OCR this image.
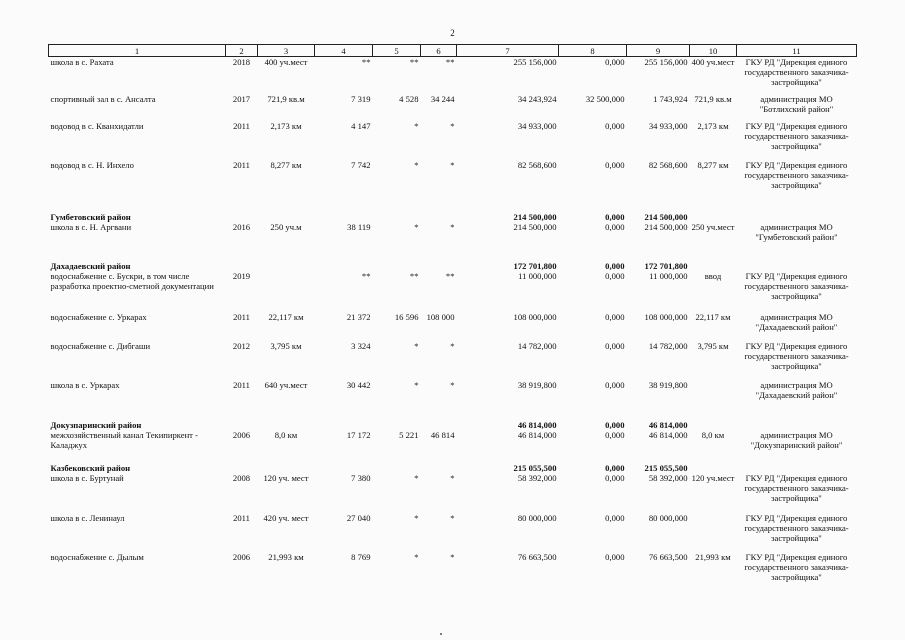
2
1	2	3	4	5	6	7	8	9	10	11
школа в с. Рахата	2018	400 уч.мест	**	**	**	255 156,000	0,000	255 156,000	400 уч.мест	ГКУ РД "Дирекция единого государственного заказчика-застройщика"
спортивный зал в с. Ансалта	2017	721,9 кв.м	7 319	4 528	34 244	34 243,924	32 500,000	1 743,924	721,9 кв.м	администрация МО "Ботлихский район"
водовод в с. Кванхидатли	2011	2,173 км	4 147	*	*	34 933,000	0,000	34 933,000	2,173 км	ГКУ РД "Дирекция единого государственного заказчика-застройщика"
водовод в с. Н. Инхело	2011	8,277 км	7 742	*	*	82 568,600	0,000	82 568,600	8,277 км	ГКУ РД "Дирекция единого государственного заказчика-застройщика"

Гумбетовский район						214 500,000	0,000	214 500,000		
школа в с. Н. Аргвани	2016	250 уч.м	38 119	*	*	214 500,000	0,000	214 500,000	250 уч.мест	администрация МО "Гумбетовский район"

Дахадаевский район						172 701,800	0,000	172 701,800		
водоснабжение с. Бускри, в том числе разработка проектно-сметной документации	2019		**	**	**	11 000,000	0,000	11 000,000	ввод	ГКУ РД "Дирекция единого государственного заказчика-застройщика"
водоснабжение с. Уркарах	2011	22,117 км	21 372	16 596	108 000	108 000,000	0,000	108 000,000	22,117 км	администрация МО "Дахадаевский район"
водоснабжение с. Дибгаши	2012	3,795 км	3 324	*	*	14 782,000	0,000	14 782,000	3,795 км	ГКУ РД "Дирекция единого государственного заказчика-застройщика"
школа в с. Уркарах	2011	640 уч.мест	30 442	*	*	38 919,800	0,000	38 919,800		администрация МО "Дахадаевский район"

Докузпаринский район						46 814,000	0,000	46 814,000		
межхозяйственный канал Текипиркент - Каладжух	2006	8,0 км	17 172	5 221	46 814	46 814,000	0,000	46 814,000	8,0 км	администрация МО "Докузпаринский район"

Казбековский район						215 055,500	0,000	215 055,500		
школа в с. Буртунай	2008	120 уч. мест	7 380	*	*	58 392,000	0,000	58 392,000	120 уч.мест	ГКУ РД "Дирекция единого государственного заказчика-застройщика"
школа в с. Ленинаул	2011	420 уч. мест	27 040	*	*	80 000,000	0,000	80 000,000		ГКУ РД "Дирекция единого государственного заказчика-застройщика"
водоснабжение с. Дылым	2006	21,993 км	8 769	*	*	76 663,500	0,000	76 663,500	21,993 км	ГКУ РД "Дирекция единого государственного заказчика-застройщика"
